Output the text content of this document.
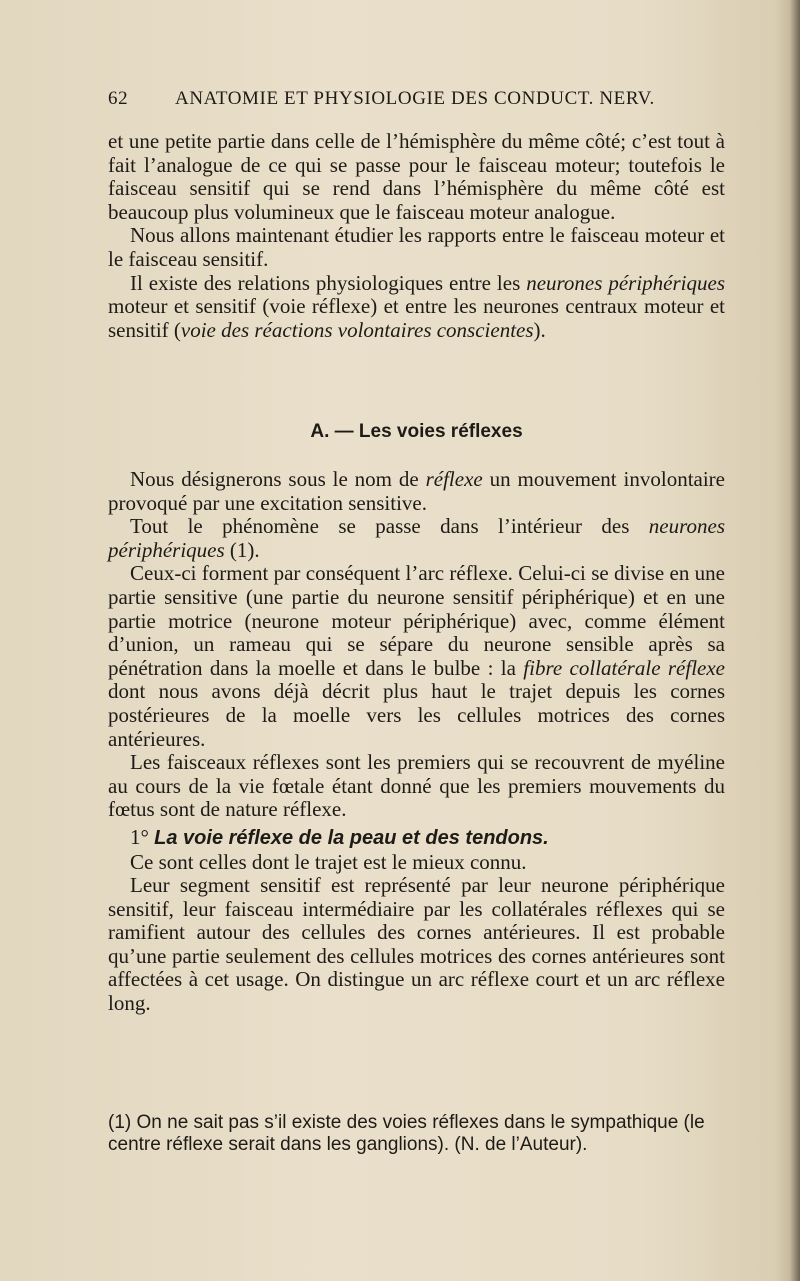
62 ANATOMIE ET PHYSIOLOGIE DES CONDUCT. NERV.

et une petite partie dans celle de l’hémisphère du même côté; c’est tout à fait l’analogue de ce qui se passe pour le faisceau moteur; toutefois le faisceau sensitif qui se rend dans l’hémisphère du même côté est beaucoup plus volumineux que le faisceau moteur analogue.

Nous allons maintenant étudier les rapports entre le faisceau moteur et le faisceau sensitif.

Il existe des relations physiologiques entre les neurones périphériques moteur et sensitif (voie réflexe) et entre les neurones centraux moteur et sensitif (voie des réactions volontaires conscientes).

A. — Les voies réflexes

Nous désignerons sous le nom de réflexe un mouvement involontaire provoqué par une excitation sensitive.

Tout le phénomène se passe dans l’intérieur des neurones périphériques (1).

Ceux-ci forment par conséquent l’arc réflexe. Celui-ci se divise en une partie sensitive (une partie du neurone sensitif périphérique) et en une partie motrice (neurone moteur périphérique) avec, comme élément d’union, un rameau qui se sépare du neurone sensible après sa pénétration dans la moelle et dans le bulbe : la fibre collatérale réflexe dont nous avons déjà décrit plus haut le trajet depuis les cornes postérieures de la moelle vers les cellules motrices des cornes antérieures.

Les faisceaux réflexes sont les premiers qui se recouvrent de myéline au cours de la vie fœtale étant donné que les premiers mouvements du fœtus sont de nature réflexe.

1° La voie réflexe de la peau et des tendons.

Ce sont celles dont le trajet est le mieux connu.

Leur segment sensitif est représenté par leur neurone périphérique sensitif, leur faisceau intermédiaire par les collatérales réflexes qui se ramifient autour des cellules des cornes antérieures. Il est probable qu’une partie seulement des cellules motrices des cornes antérieures sont affectées à cet usage. On distingue un arc réflexe court et un arc réflexe long.

(1) On ne sait pas s’il existe des voies réflexes dans le sympathique (le centre réflexe serait dans les ganglions). (N. de l’Auteur).
